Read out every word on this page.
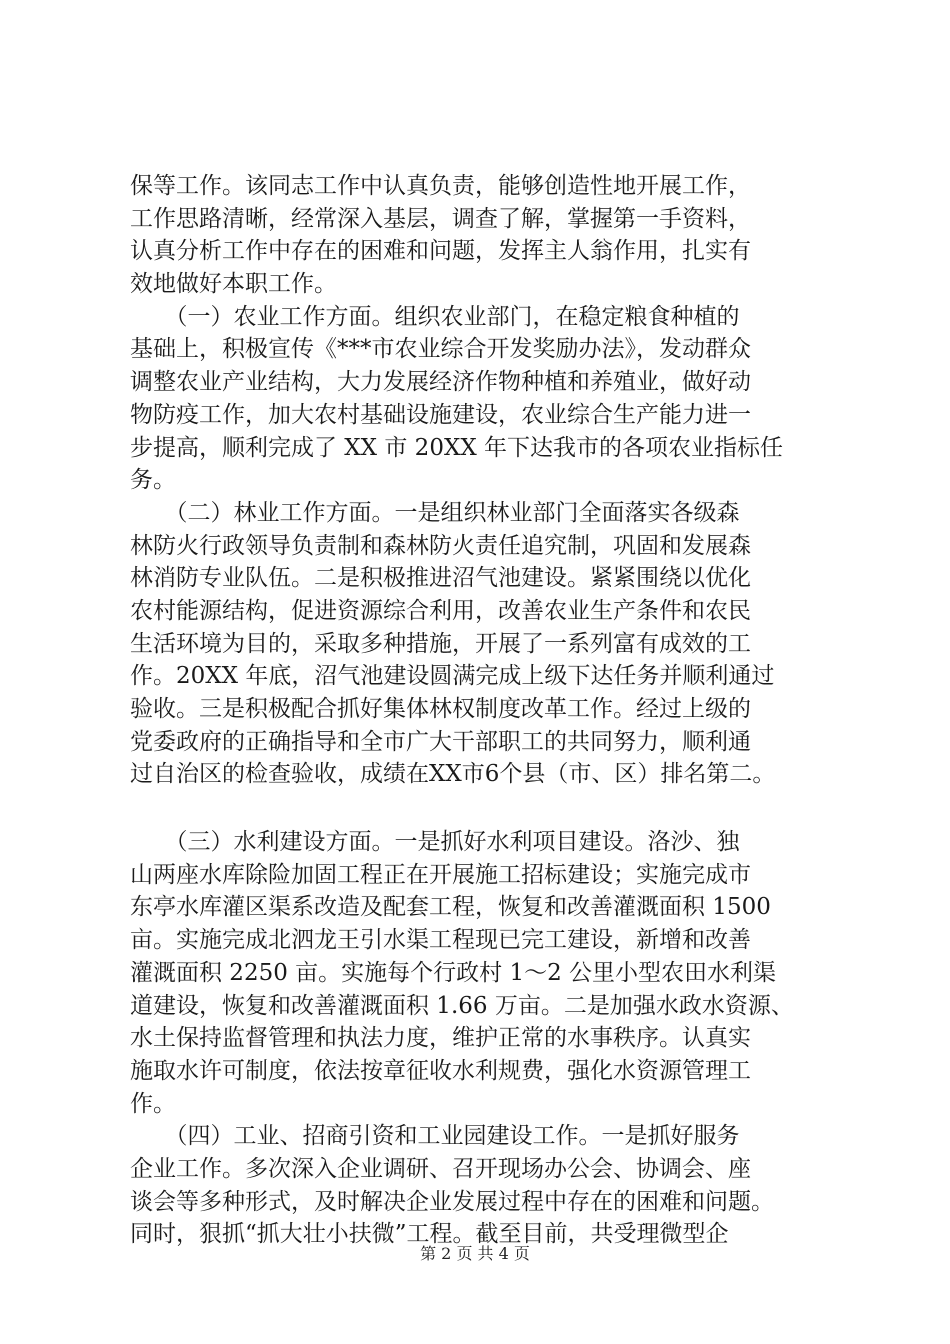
保等工作。该同志工作中认真负责，能够创造性地开展工作，
工作思路清晰，经常深入基层，调查了解，掌握第一手资料，
认真分析工作中存在的困难和问题，发挥主人翁作用，扎实有
效地做好本职工作。
　　（一）农业工作方面。组织农业部门，在稳定粮食种植的
基础上，积极宣传《***市农业综合开发奖励办法》，发动群众
调整农业产业结构，大力发展经济作物种植和养殖业，做好动
物防疫工作，加大农村基础设施建设，农业综合生产能力进一
步提高，顺利完成了 XX 市 20XX 年下达我市的各项农业指标任
务。
　　（二）林业工作方面。一是组织林业部门全面落实各级森
林防火行政领导负责制和森林防火责任追究制，巩固和发展森
林消防专业队伍。二是积极推进沼气池建设。紧紧围绕以优化
农村能源结构，促进资源综合利用，改善农业生产条件和农民
生活环境为目的，采取多种措施，开展了一系列富有成效的工
作。20XX 年底，沼气池建设圆满完成上级下达任务并顺利通过
验收。三是积极配合抓好集体林权制度改革工作。经过上级的
党委政府的正确指导和全市广大干部职工的共同努力，顺利通
过自治区的检查验收，成绩在XX市6个县（市、区）排名第二。
　　（三）水利建设方面。一是抓好水利项目建设。洛沙、独
山两座水库除险加固工程正在开展施工招标建设；实施完成市
东亭水库灌区渠系改造及配套工程，恢复和改善灌溉面积 1500
亩。实施完成北泗龙王引水渠工程现已完工建设，新增和改善
灌溉面积 2250 亩。实施每个行政村 1～2 公里小型农田水利渠
道建设，恢复和改善灌溉面积 1.66 万亩。二是加强水政水资源、
水土保持监督管理和执法力度，维护正常的水事秩序。认真实
施取水许可制度，依法按章征收水利规费，强化水资源管理工
作。
　　（四）工业、招商引资和工业园建设工作。一是抓好服务
企业工作。多次深入企业调研、召开现场办公会、协调会、座
谈会等多种形式，及时解决企业发展过程中存在的困难和问题。
同时，狠抓“抓大壮小扶微”工程。截至目前，共受理微型企
第 2 页 共 4 页
